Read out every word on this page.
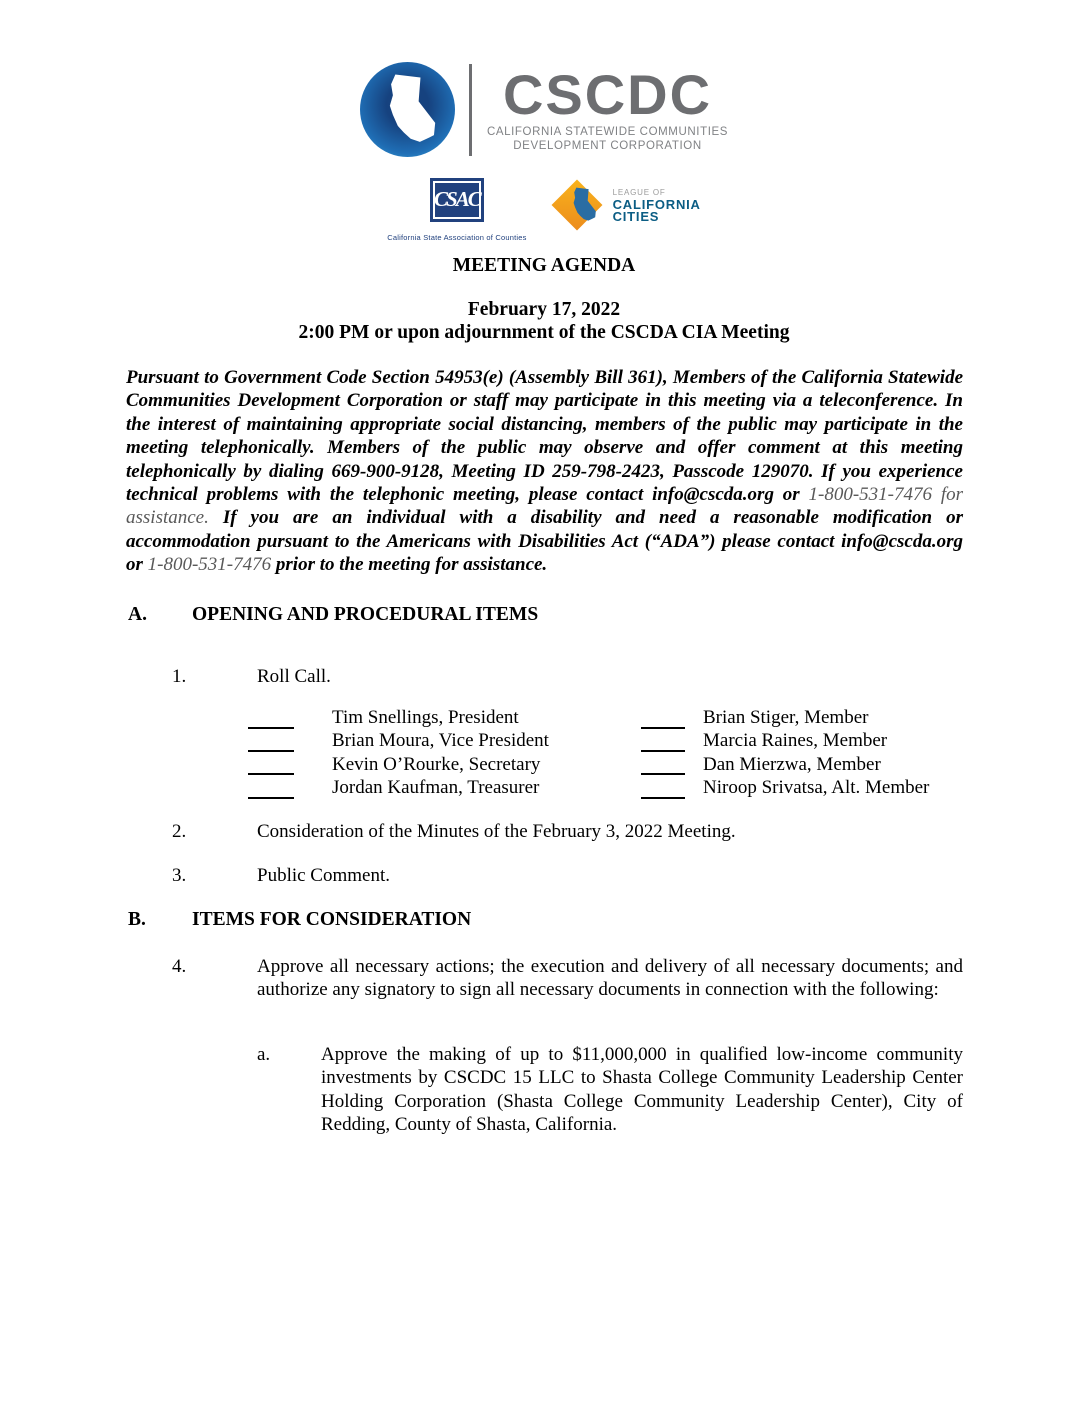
CSCDC
CALIFORNIA STATEWIDE COMMUNITIES
DEVELOPMENT CORPORATION
CSAC
California State Association of Counties
LEAGUE OF
CALIFORNIA
CITIES
MEETING AGENDA
February 17, 2022
2:00 PM or upon adjournment of the CSCDA CIA Meeting

Pursuant to Government Code Section 54953(e) (Assembly Bill 361), Members of the California Statewide Communities Development Corporation or staff may participate in this meeting via a teleconference. In the interest of maintaining appropriate social distancing, members of the public may participate in the meeting telephonically. Members of the public may observe and offer comment at this meeting telephonically by dialing 669-900-9128, Meeting ID 259-798-2423, Passcode 129070. If you experience technical problems with the telephonic meeting, please contact info@cscda.org or 1-800-531-7476 for assistance. If you are an individual with a disability and need a reasonable modification or accommodation pursuant to the Americans with Disabilities Act (“ADA”) please contact info@cscda.org or 1-800-531-7476 prior to the meeting for assistance.

A.	OPENING AND PROCEDURAL ITEMS
1.	Roll Call.
Tim Snellings, President	Brian Stiger, Member
Brian Moura, Vice President	Marcia Raines, Member
Kevin O’Rourke, Secretary	Dan Mierzwa, Member
Jordan Kaufman, Treasurer	Niroop Srivatsa, Alt. Member
2.	Consideration of the Minutes of the February 3, 2022 Meeting.
3.	Public Comment.
B.	ITEMS FOR CONSIDERATION
4.	Approve all necessary actions; the execution and delivery of all necessary documents; and authorize any signatory to sign all necessary documents in connection with the following:
a.	Approve the making of up to $11,000,000 in qualified low-income community investments by CSCDC 15 LLC to Shasta College Community Leadership Center Holding Corporation (Shasta College Community Leadership Center), City of Redding, County of Shasta, California.
